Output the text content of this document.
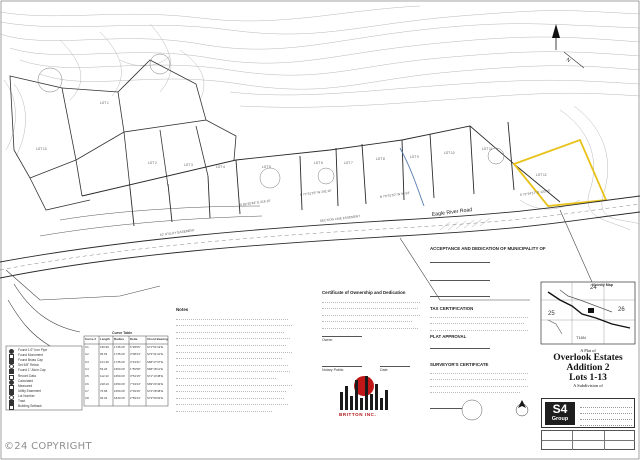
N 71°51'19" W 242.16'
S 69°20'43" E 218.10'
N 73°31'10" W 95.63'	S 72°24'17" E 120.55'
10' UTILITY EASEMENT
SECTION LINE EASEMENT
LOT 1
LOT 2	LOT 3	LOT 4	LOT 5
LOT 6	LOT 7
LOT 8	LOT 9
LOT 10
LOT 11
LOT 12
LOT 13
Eagle River Road
N
Notes
Certificate of Ownership and Dedication
Owner
Notary Public	Date
ACCEPTANCE AND DEDICATION OF MUNICIPALITY OF
TAX CERTIFICATION
PLAT APPROVAL
SURVEYOR'S CERTIFICATE
Curve Table
Curve # Length Radius Delta	Chord Bearing
C1	196.99 1745.00' 6°28'05" S71°51'19"E
C2	95.63 1745.00' 3°08'24" S73°31'10"E
C3	101.36 1745.00' 3°19'41" S68°47'07"E
C4	53.26 1650.00' 1°50'58" S68°18'11"E
C5	112.43 1650.00' 3°54'15" S71°10'48"E
C6	218.10 1650.00' 7°34'24" S69°20'43"E
C7	76.68 1650.00' 2°39'46" S74°28'48"E
C8	96.02 1840.00' 2°59'24" S73°59'04"E
Found 1/2" Iron Pipe
Found Monument
Found Brass Cap
Set 5/8" Rebar
Found 1" Alum Cap
Record Data
Calculated
Measured
Utility Easement
Lot Number
Tract
Building Setback
Vicinity Map
25
26
24
T16N
A Plat of
Overlook Estates
Addition 2
Lots 1-13
A Subdivision of
S4
Group
BRITTON INC.
©24 COPYRIGHT
